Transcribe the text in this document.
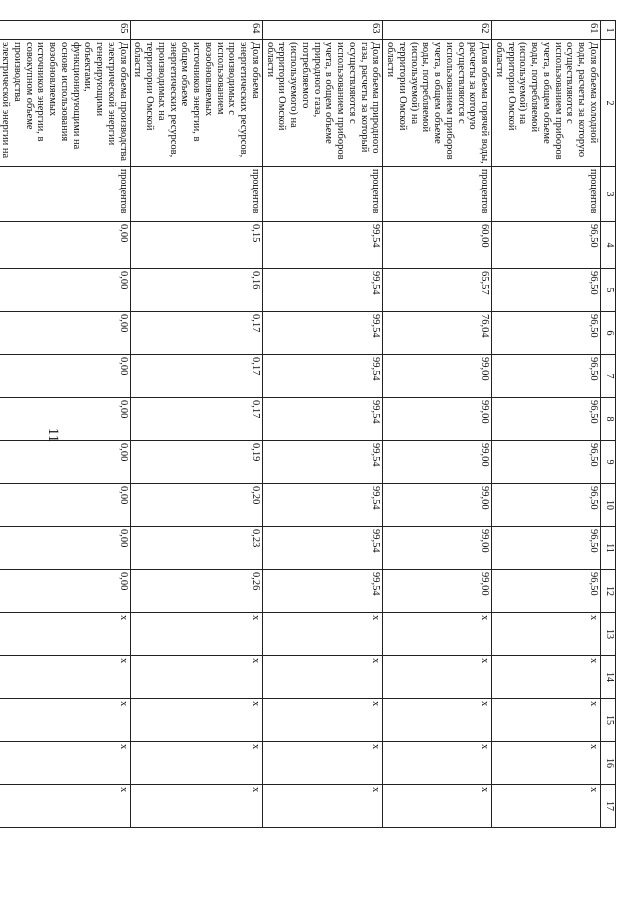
11
1	2	3	4	5	6	7	8	9	10	11	12	13	14	15	16	17
61	Доля объема холодной воды, расчеты за которую осуществляются с использованием приборов учета, в общем объеме воды, потребляемой (используемой) на территории Омской области	процентов	96,50	96,50	96,50	96,50	96,50	96,50	96,50	96,50	96,50	x	x	x	x	x
62	Доля объема горячей воды, расчеты за которую осуществляются с использованием приборов учета, в общем объеме воды, потребляемой (используемой) на территории Омской области	процентов	60,00	65,57	76,04	99,00	99,00	99,00	99,00	99,00	99,00	x	x	x	x	x
63	Доля объема природного газа, расчеты за который осуществляются с использованием приборов учета, в общем объеме природного газа, потребляемого (используемого) на территории Омской области	процентов	99,54	99,54	99,54	99,54	99,54	99,54	99,54	99,54	99,54	x	x	x	x	x
64	Доля объема энергетических ресурсов, производимых с использованием возобновляемых источников энергии, в общем объеме энергетических ресурсов, производимых на территории Омской области	процентов	0,15	0,16	0,17	0,17	0,17	0,19	0,20	0,23	0,26	x	x	x	x	x
65	Доля объема производства электрической энергии генерирующими объектами, функционирующими на основе использования возобновляемых источников энергии, в совокупном объеме производства электрической энергии на	процентов	0,00	0,00	0,00	0,00	0,00	0,00	0,00	0,00	0,00	x	x	x	x	x
